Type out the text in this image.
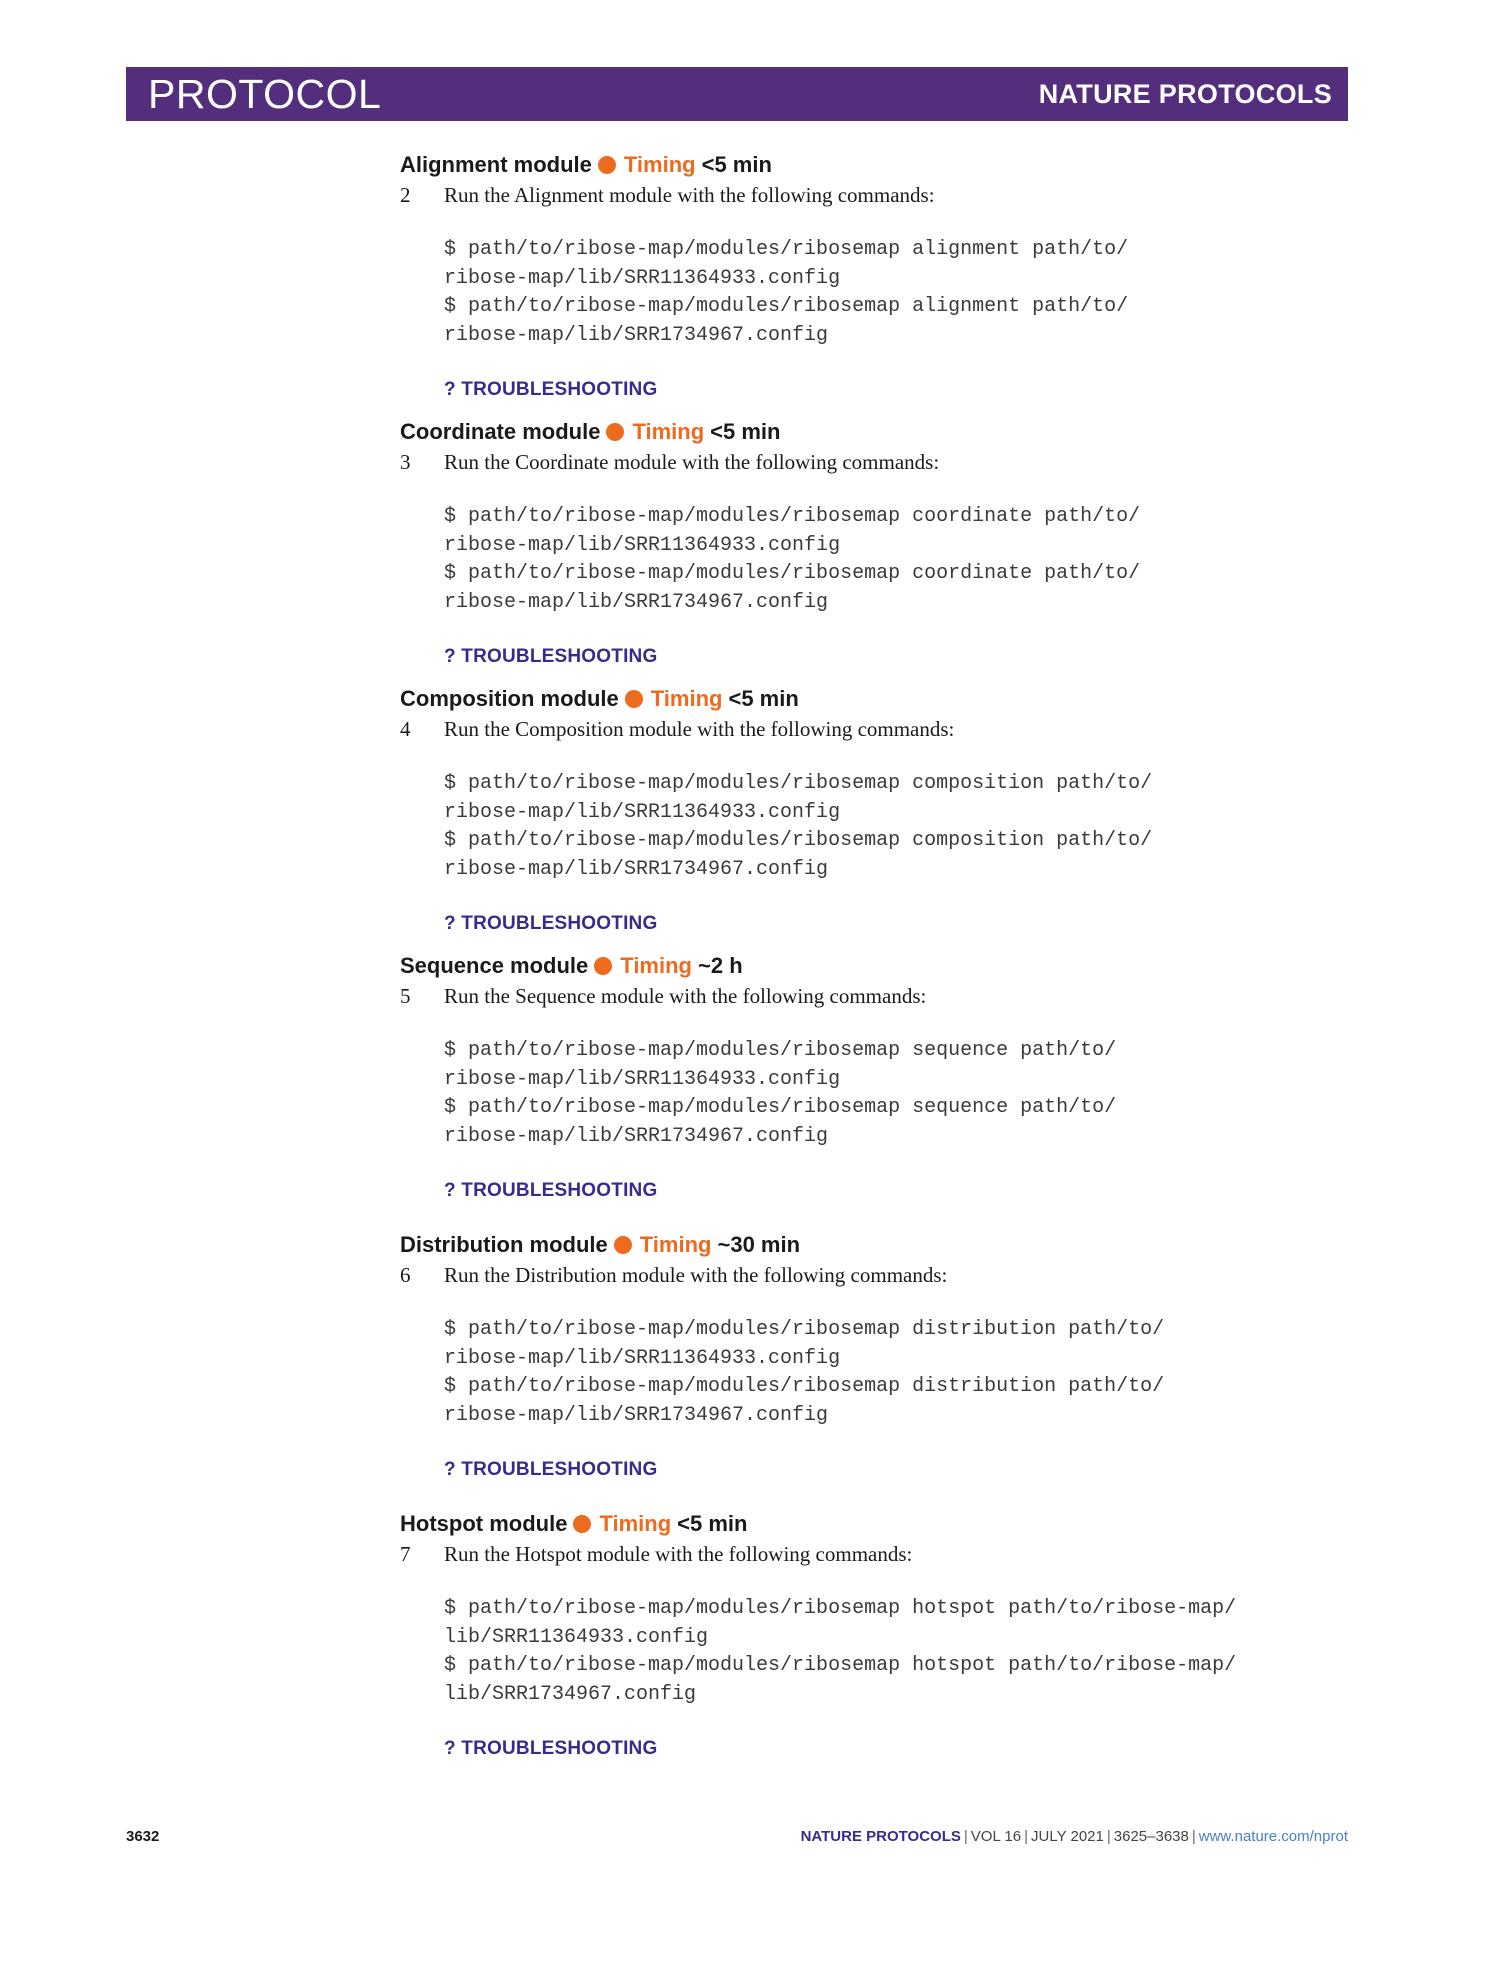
PROTOCOL	NATURE PROTOCOLS
Alignment module Timing <5 min
2 Run the Alignment module with the following commands:
$ path/to/ribose-map/modules/ribosemap alignment path/to/
ribose-map/lib/SRR11364933.config
$ path/to/ribose-map/modules/ribosemap alignment path/to/
ribose-map/lib/SRR1734967.config
? TROUBLESHOOTING
Coordinate module Timing <5 min
3 Run the Coordinate module with the following commands:
$ path/to/ribose-map/modules/ribosemap coordinate path/to/
ribose-map/lib/SRR11364933.config
$ path/to/ribose-map/modules/ribosemap coordinate path/to/
ribose-map/lib/SRR1734967.config
? TROUBLESHOOTING
Composition module Timing <5 min
4 Run the Composition module with the following commands:
$ path/to/ribose-map/modules/ribosemap composition path/to/
ribose-map/lib/SRR11364933.config
$ path/to/ribose-map/modules/ribosemap composition path/to/
ribose-map/lib/SRR1734967.config
? TROUBLESHOOTING
Sequence module Timing ~2 h
5 Run the Sequence module with the following commands:
$ path/to/ribose-map/modules/ribosemap sequence path/to/
ribose-map/lib/SRR11364933.config
$ path/to/ribose-map/modules/ribosemap sequence path/to/
ribose-map/lib/SRR1734967.config
? TROUBLESHOOTING
Distribution module Timing ~30 min
6 Run the Distribution module with the following commands:
$ path/to/ribose-map/modules/ribosemap distribution path/to/
ribose-map/lib/SRR11364933.config
$ path/to/ribose-map/modules/ribosemap distribution path/to/
ribose-map/lib/SRR1734967.config
? TROUBLESHOOTING
Hotspot module Timing <5 min
7 Run the Hotspot module with the following commands:
$ path/to/ribose-map/modules/ribosemap hotspot path/to/ribose-map/
lib/SRR11364933.config
$ path/to/ribose-map/modules/ribosemap hotspot path/to/ribose-map/
lib/SRR1734967.config
? TROUBLESHOOTING
3632	NATURE PROTOCOLS | VOL 16 | JULY 2021 | 3625–3638 | www.nature.com/nprot
